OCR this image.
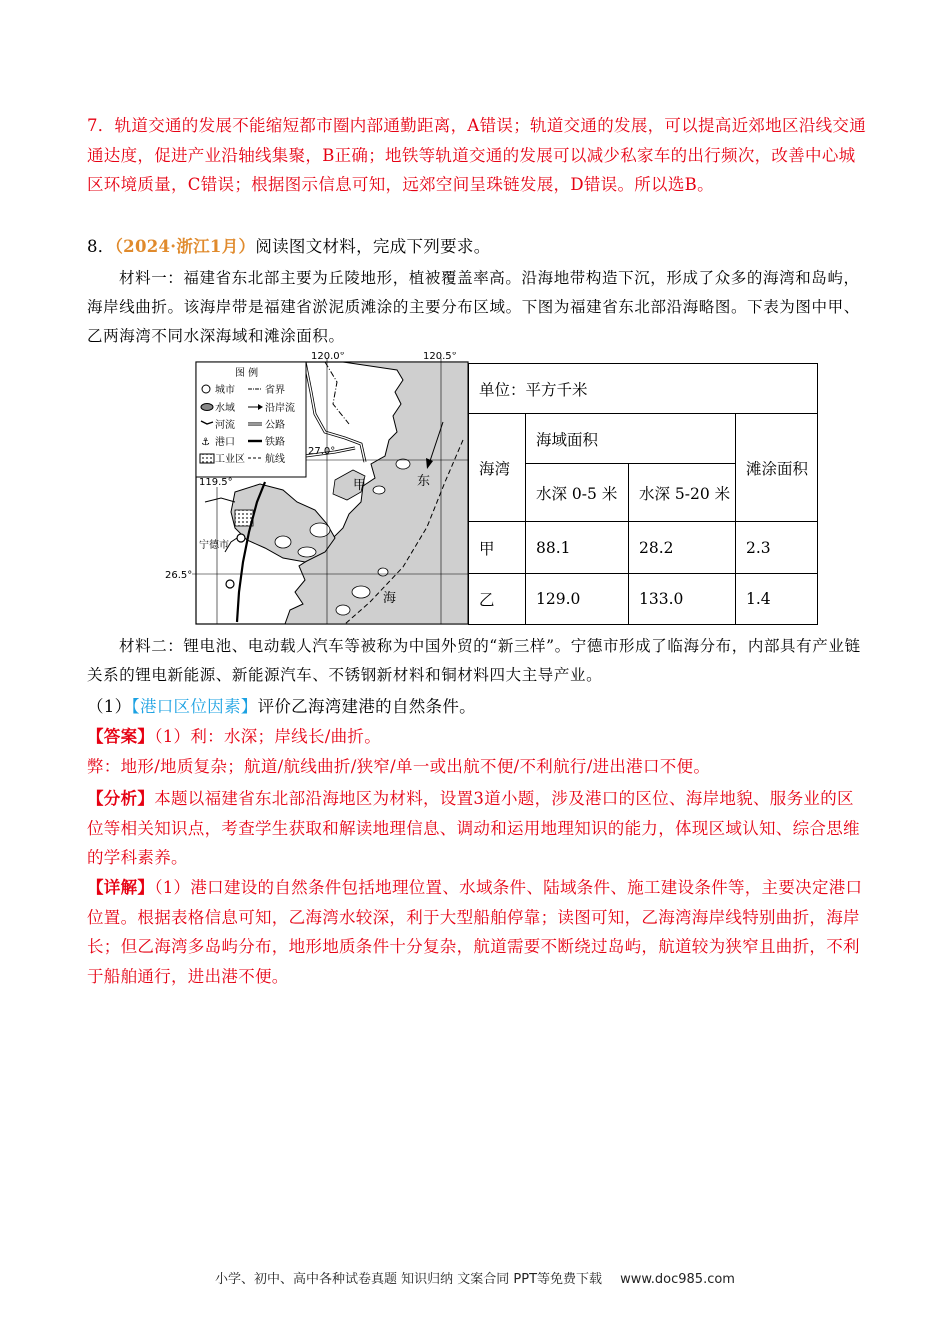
7．轨道交通的发展不能缩短都市圈内部通勤距离，A错误；轨道交通的发展，可以提高近郊地区沿线交通通达度，促进产业沿轴线集聚，B正确；地铁等轨道交通的发展可以减少私家车的出行频次，改善中心城区环境质量，C错误；根据图示信息可知，远郊空间呈珠链发展，D错误。所以选B。
8．（2024·浙江1月）阅读图文材料，完成下列要求。
材料一：福建省东北部主要为丘陵地形，植被覆盖率高。沿海地带构造下沉，形成了众多的海湾和岛屿，海岸线曲折。该海岸带是福建省淤泥质滩涂的主要分布区域。下图为福建省东北部沿海略图。下表为图中甲、乙两海湾不同水深海域和滩涂面积。
图 例
城市	省界
水域	沿岸流
河流	公路
⚓ 港口	铁路
工业区 航线
120.0°	120.5°
119.5°
27.0°
26.5°
宁德市
甲	东
海
单位：平方千米			
海湾	海域面积		滩涂面积
	水深 0-5 米	水深 5-20 米	
甲	88.1	28.2	2.3
乙	129.0	133.0	1.4
材料二：锂电池、电动载人汽车等被称为中国外贸的“新三样”。宁德市形成了临海分布，内部具有产业链关系的锂电新能源、新能源汽车、不锈钢新材料和铜材料四大主导产业。
（1）【港口区位因素】评价乙海湾建港的自然条件。
【答案】（1）利：水深；岸线长/曲折。
弊：地形/地质复杂；航道/航线曲折/狭窄/单一或出航不便/不利航行/进出港口不便。
【分析】本题以福建省东北部沿海地区为材料，设置3道小题，涉及港口的区位、海岸地貌、服务业的区位等相关知识点，考查学生获取和解读地理信息、调动和运用地理知识的能力，体现区域认知、综合思维的学科素养。
【详解】（1）港口建设的自然条件包括地理位置、水域条件、陆域条件、施工建设条件等，主要决定港口位置。根据表格信息可知，乙海湾水较深，利于大型船舶停靠；读图可知，乙海湾海岸线特别曲折，海岸长；但乙海湾多岛屿分布，地形地质条件十分复杂，航道需要不断绕过岛屿，航道较为狭窄且曲折，不利于船舶通行，进出港不便。
小学、初中、高中各种试卷真题 知识归纳 文案合同 PPT等免费下载 www.doc985.com
